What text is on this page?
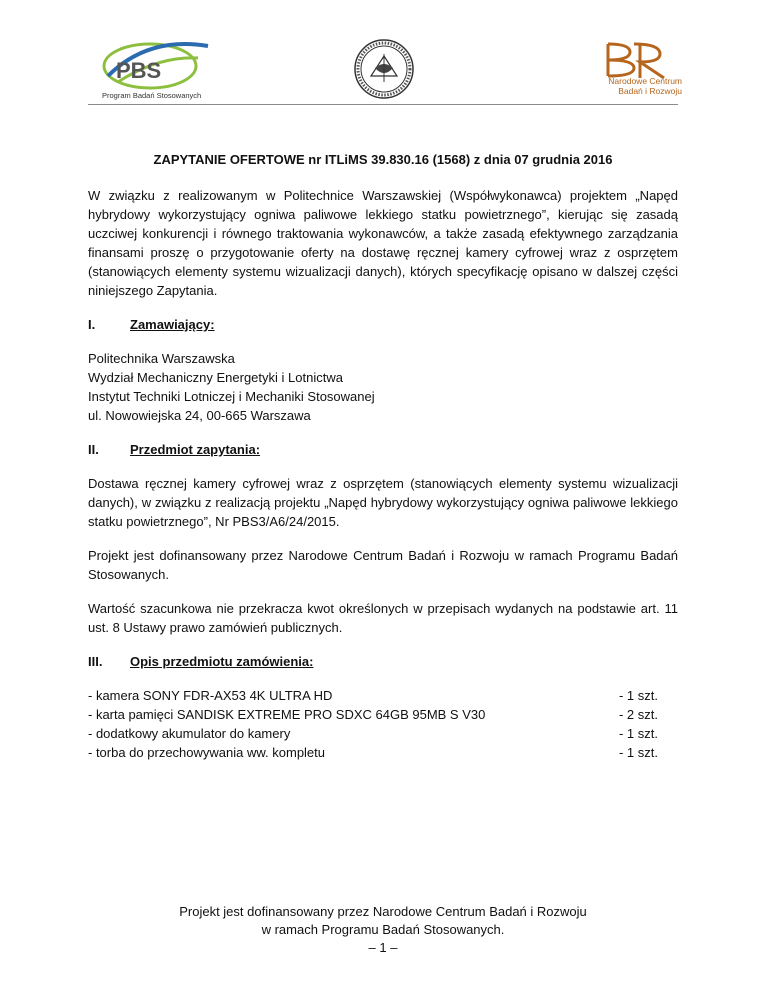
PBS
Program Badań Stosowanych
Narodowe Centrum
Badań i Rozwoju
ZAPYTANIE OFERTOWE nr ITLiMS 39.830.16 (1568) z dnia 07 grudnia 2016
W związku z realizowanym w Politechnice Warszawskiej (Współwykonawca) projektem „Napęd hybrydowy wykorzystujący ogniwa paliwowe lekkiego statku powietrznego”, kierując się zasadą uczciwej konkurencji i równego traktowania wykonawców, a także zasadą efektywnego zarządzania finansami proszę o przygotowanie oferty na dostawę ręcznej kamery cyfrowej wraz z osprzętem (stanowiących elementy systemu wizualizacji danych), których specyfikację opisano w dalszej części niniejszego Zapytania.
I.	Zamawiający:
Politechnika Warszawska
Wydział Mechaniczny Energetyki i Lotnictwa
Instytut Techniki Lotniczej i Mechaniki Stosowanej
ul. Nowowiejska 24, 00-665 Warszawa
II.	Przedmiot zapytania:
Dostawa ręcznej kamery cyfrowej wraz z osprzętem (stanowiących elementy systemu wizualizacji danych), w związku z realizacją projektu „Napęd hybrydowy wykorzystujący ogniwa paliwowe lekkiego statku powietrznego”, Nr PBS3/A6/24/2015.
Projekt jest dofinansowany przez Narodowe Centrum Badań i Rozwoju w ramach Programu Badań Stosowanych.
Wartość szacunkowa nie przekracza kwot określonych w przepisach wydanych na podstawie art. 11 ust. 8 Ustawy prawo zamówień publicznych.
III.	Opis przedmiotu zamówienia:
- kamera SONY FDR-AX53 4K ULTRA HD	- 1 szt.
- karta pamięci SANDISK EXTREME PRO SDXC 64GB 95MB S V30	- 2 szt.
- dodatkowy akumulator do kamery	- 1 szt.
- torba do przechowywania ww. kompletu	- 1 szt.
Projekt jest dofinansowany przez Narodowe Centrum Badań i Rozwoju
w ramach Programu Badań Stosowanych.
– 1 –
